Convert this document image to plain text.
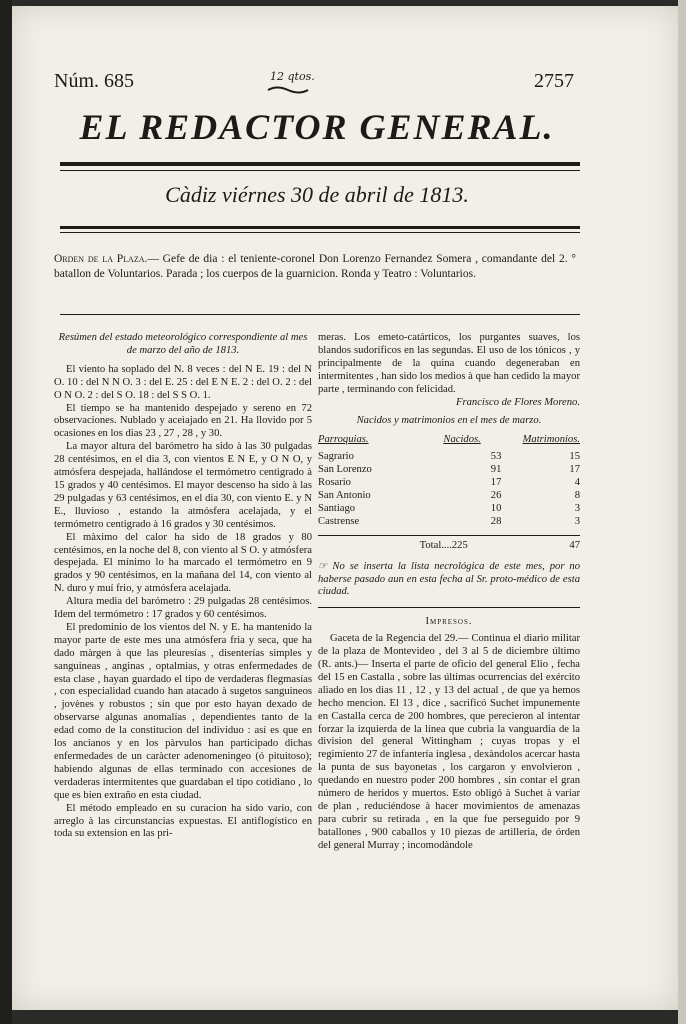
Núm. 685	12 qtos.	2757
EL REDACTOR GENERAL.
Càdiz viérnes 30 de abril de 1813.
Orden de la Plaza.— Gefe de dia : el teniente-coronel Don Lorenzo Fernandez Somera , comandante del 2. ° batallon de Voluntarios. Parada ; los cuerpos de la guarnicion. Ronda y Teatro : Voluntarios.

Resúmen del estado meteorológico correspondiente al mes de marzo del año de 1813.

El viento ha soplado del N. 8 veces : del N E. 19 : del N O. 10 : del N N O. 3 : del E. 25 : del E N E. 2 : del O. 2 : del O N O. 2 : del S O. 18 : del S S O. 1.

El tiempo se ha mantenido despejado y sereno en 72 observaciones. Nublado y aceìajado en 21. Ha llovido por 5 ocasiones en los dias 23 , 27 , 28 , y 30.

La mayor altura del barómetro ha sido à las 30 pulgadas 28 centésimos, en el dia 3, con vientos E N E, y O N O, y atmósfera despejada, hallándose el termómetro centigrado à 15 grados y 40 centésimos. El mayor descenso ha sido à las 29 pulgadas y 63 centésimos, en el dia 30, con viento E. y N E., lluvioso , estando la atmósfera acelajada, y el termómetro centigrado à 16 grados y 30 centésimos.

El màximo del calor ha sido de 18 grados y 80 centésimos, en la noche del 8, con viento al S O. y atmósfera despejada. El mínimo lo ha marcado el termómetro en 9 grados y 90 centésimos, en la mañana del 14, con viento al N. duro y muí frio, y atmósfera acelajada.

Altura media del barómetro : 29 pulgadas 28 centésimos. Idem del termómetro : 17 grados y 60 centésimos.

El predominio de los vientos del N. y E. ha mantenido la mayor parte de este mes una atmósfera fria y seca, que ha dado màrgen à que las pleuresías , disenterías simples y sanguineas , anginas , optalmias, y otras enfermedades de esta clase , hayan guardado el tipo de verdaderas flegmasías , con especialidad cuando han atacado à sugetos sanguineos , jovènes y robustos ; sin que por esto hayan dexado de observarse algunas anomalías , dependientes tanto de la edad como de la constitucion del individuo : así es que en los ancianos y en los pàrvulos han participado dichas enfermedades de un caràcter adenomeningeo (ó pituitoso); habiendo algunas de ellas terminado con accesiones de verdaderas intermitentes que guardaban el tipo cotidiano , lo que es bien extraño en esta ciudad.

El método empleado en su curacion ha sido vario, con arreglo à las circunstancias expuestas. El antiflogístico en toda su extension en las pri-

meras. Los emeto-catárticos, los purgantes suaves, los blandos sudoríficos en las segundas. El uso de los tónicos , y principalmente de la quina cuando degeneraban en intermitentes , han sido los medios à que han cedido la mayor parte , terminando con felicidad.

Francisco de Flores Moreno.

Nacidos y matrimonios en el mes de marzo.

Parroquias.	Nacidos.	Matrimonios.
Sagrario	53	15
San Lorenzo	91	17
Rosario	17	4
San Antonio	26	8
Santiago	10	3
Castrense	28	3
Total....225	47

☞ No se inserta la lista necrológica de este mes, por no haberse pasado aun en esta fecha al Sr. proto-médico de esta ciudad.

Impresos.

Gaceta de la Regencia del 29.— Continua el diario militar de la plaza de Montevideo , del 3 al 5 de diciembre último (R. ants.)— Inserta el parte de oficio del general Elio , fecha del 15 en Castalla , sobre las últimas ocurrencias del exército aliado en los dias 11 , 12 , y 13 del actual , de que ya hemos hecho mencion. El 13 , dice , sacrificó Suchet impunemente en Castalla cerca de 200 hombres, que perecieron al intentar forzar la izquierda de la línea que cubria la vanguardia de la division del general Wittingham ; cuyas tropas y el regimiento 27 de infantería inglesa , dexàndolos acercar hasta la punta de sus bayonetas , los cargaron y envolvieron , quedando en nuestro poder 200 hombres , sin contar el gran número de heridos y muertos. Esto obligó à Suchet à variar de plan , reduciéndose à hacer movimientos de amenazas para cubrir su retirada , en la que fue perseguido por 9 batallones , 900 caballos y 10 piezas de artilleria, de órden del general Murray ; incomodàndole
